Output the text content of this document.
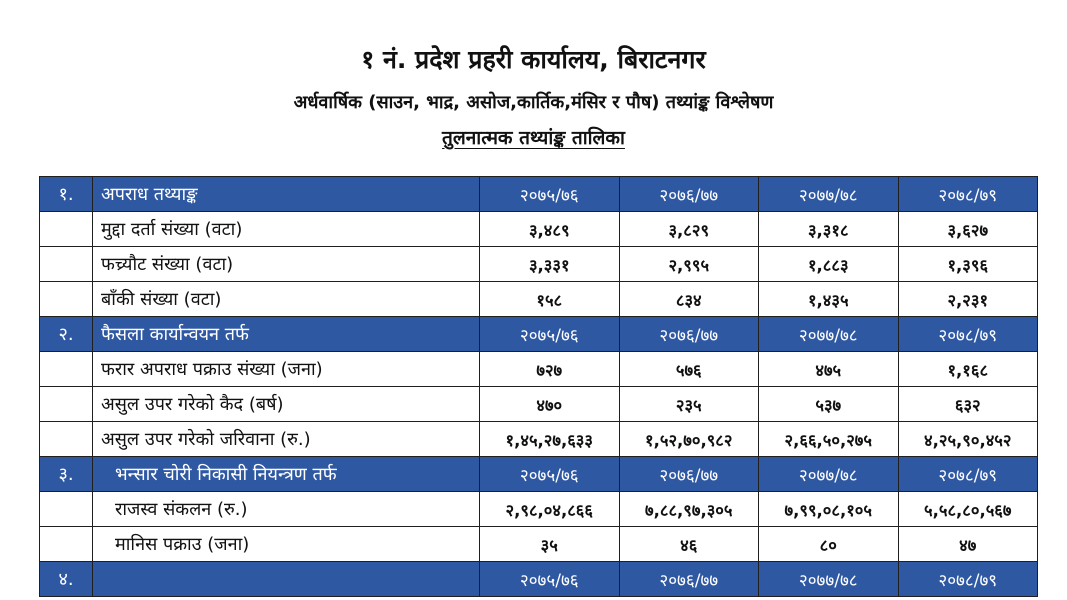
१ नं. प्रदेश प्रहरी कार्यालय, बिराटनगर
अर्धवार्षिक (साउन, भाद्र, असोज,कार्तिक,मंसिर र पौष) तथ्यांङ्क विश्लेषण
तुलनात्मक तथ्यांङ्क तालिका
१.	अपराध तथ्याङ्क	२०७५/७६	२०७६/७७	२०७७/७८	२०७८/७९
	मुद्दा दर्ता संख्या (वटा)	३,४८९	३,८२९	३,३१८	३,६२७
	फच्र्यौट संख्या (वटा)	३,३३१	२,९९५	१,८८३	१,३९६
	बाँकी संख्या (वटा)	१५८	८३४	१,४३५	२,२३१
२.	फैसला कार्यान्वयन तर्फ	२०७५/७६	२०७६/७७	२०७७/७८	२०७८/७९
	फरार अपराध पक्राउ संख्या (जना)	७२७	५७६	४७५	१,१६८
	असुल उपर गरेको कैद (बर्ष)	४७०	२३५	५३७	६३२
	असुल उपर गरेको जरिवाना (रु.)	१,४५,२७,६३३	१,५२,७०,९८२	२,६६,५०,२७५	४,२५,९०,४५२
३.	भन्सार चोरी निकासी नियन्त्रण तर्फ	२०७५/७६	२०७६/७७	२०७७/७८	२०७८/७९
	राजस्व संकलन (रु.)	२,९८,०४,८६६	७,८८,९७,३०५	७,९९,०८,१०५	५,५८,८०,५६७
	मानिस पक्राउ (जना)	३५	४६	८०	४७
४.		२०७५/७६	२०७६/७७	२०७७/७८	२०७८/७९
